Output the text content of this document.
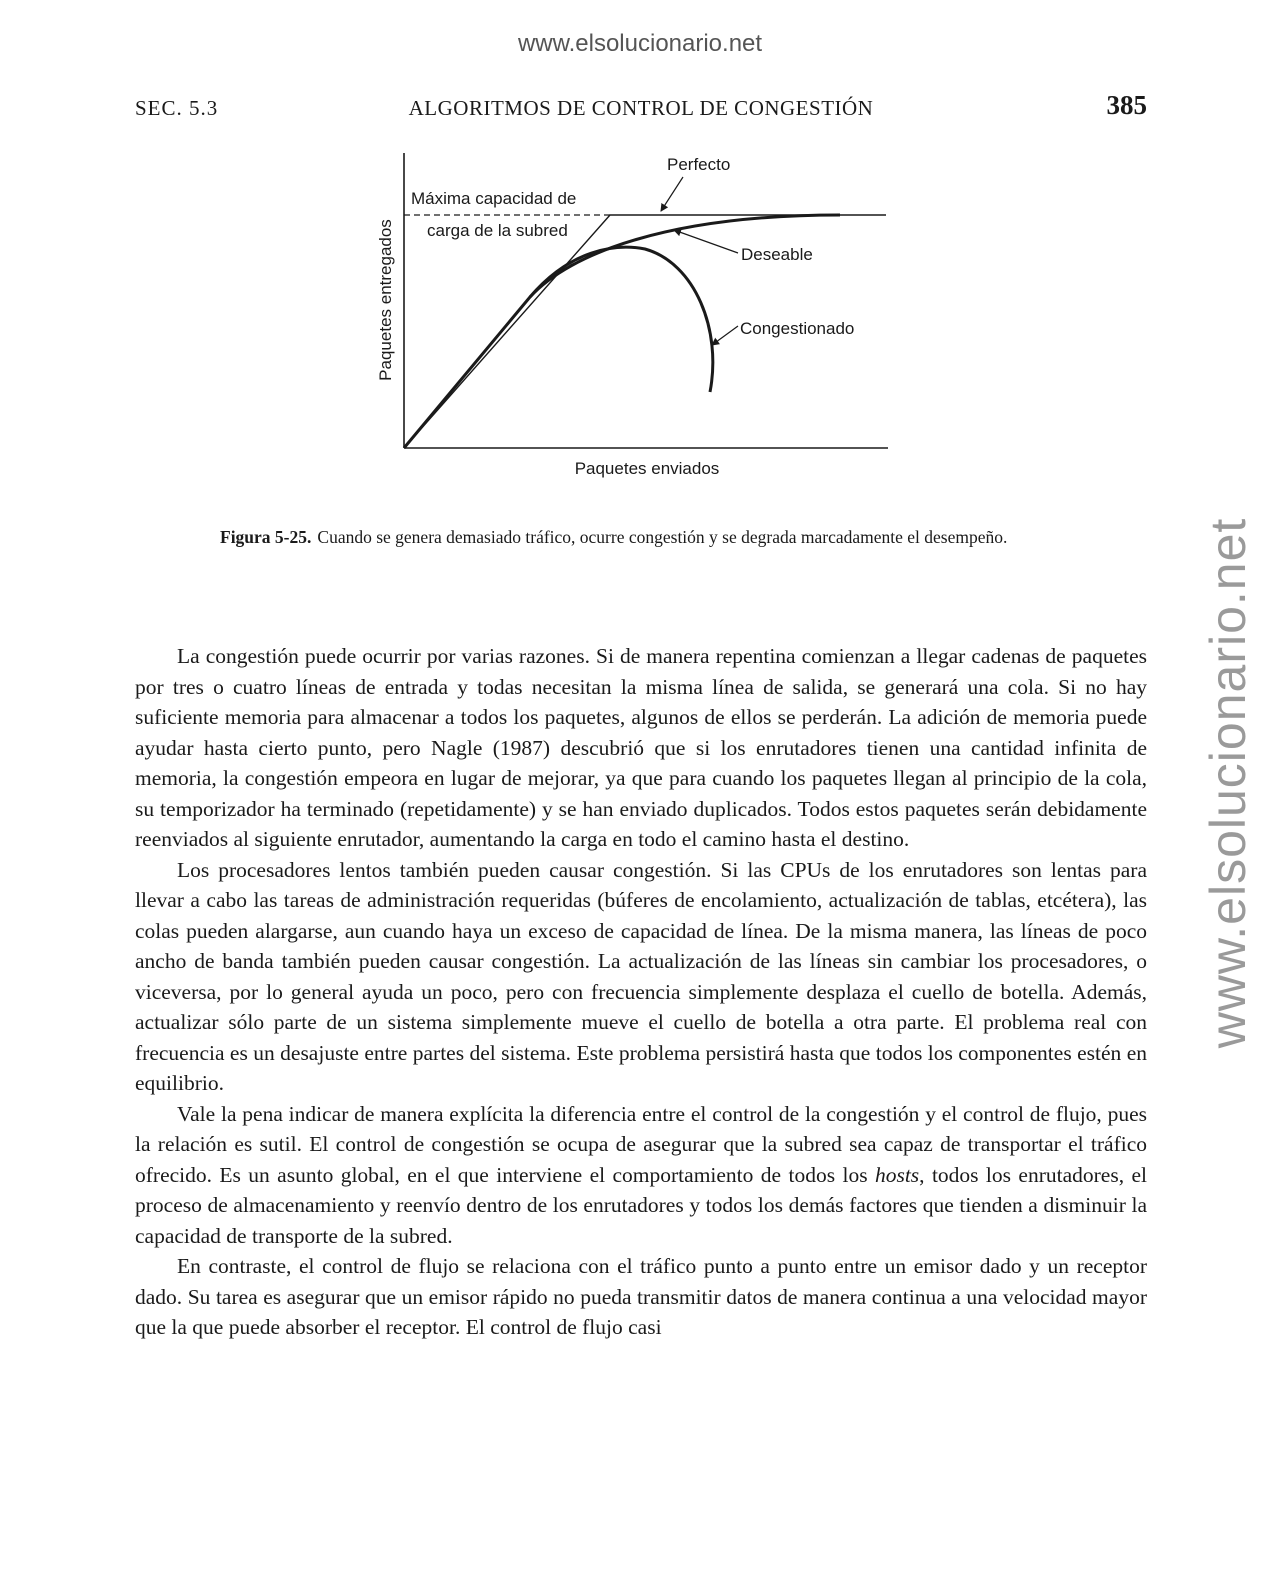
www.elsolucionario.net
www.elsolucionario.net
SEC. 5.3	ALGORITMOS DE CONTROL DE CONGESTIÓN	385
Perfecto
Máxima capacidad de
carga de la subred
Deseable
Congestionado
Paquetes entregados
Paquetes enviados
Figura 5-25. Cuando se genera demasiado tráfico, ocurre congestión y se degrada marcadamente el desempeño.

La congestión puede ocurrir por varias razones. Si de manera repentina comienzan a llegar cadenas de paquetes por tres o cuatro líneas de entrada y todas necesitan la misma línea de salida, se generará una cola. Si no hay suficiente memoria para almacenar a todos los paquetes, algunos de ellos se perderán. La adición de memoria puede ayudar hasta cierto punto, pero Nagle (1987) descubrió que si los enrutadores tienen una cantidad infinita de memoria, la congestión empeora en lugar de mejorar, ya que para cuando los paquetes llegan al principio de la cola, su temporizador ha terminado (repetidamente) y se han enviado duplicados. Todos estos paquetes serán debidamente reenviados al siguiente enrutador, aumentando la carga en todo el camino hasta el destino.

Los procesadores lentos también pueden causar congestión. Si las CPUs de los enrutadores son lentas para llevar a cabo las tareas de administración requeridas (búferes de encolamiento, actualización de tablas, etcétera), las colas pueden alargarse, aun cuando haya un exceso de capacidad de línea. De la misma manera, las líneas de poco ancho de banda también pueden causar congestión. La actualización de las líneas sin cambiar los procesadores, o viceversa, por lo general ayuda un poco, pero con frecuencia simplemente desplaza el cuello de botella. Además, actualizar sólo parte de un sistema simplemente mueve el cuello de botella a otra parte. El problema real con frecuencia es un desajuste entre partes del sistema. Este problema persistirá hasta que todos los componentes estén en equilibrio.

Vale la pena indicar de manera explícita la diferencia entre el control de la congestión y el control de flujo, pues la relación es sutil. El control de congestión se ocupa de asegurar que la subred sea capaz de transportar el tráfico ofrecido. Es un asunto global, en el que interviene el comportamiento de todos los hosts, todos los enrutadores, el proceso de almacenamiento y reenvío dentro de los enrutadores y todos los demás factores que tienden a disminuir la capacidad de transporte de la subred.

En contraste, el control de flujo se relaciona con el tráfico punto a punto entre un emisor dado y un receptor dado. Su tarea es asegurar que un emisor rápido no pueda transmitir datos de manera continua a una velocidad mayor que la que puede absorber el receptor. El control de flujo casi
